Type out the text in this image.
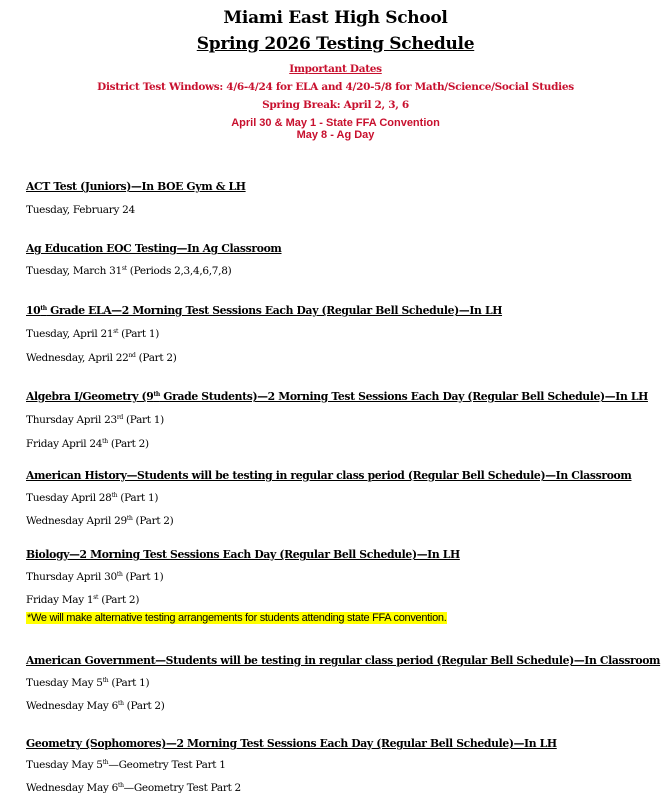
Miami East High School
Spring 2026 Testing Schedule
Important Dates
District Test Windows: 4/6-4/24 for ELA and 4/20-5/8 for Math/Science/Social Studies
Spring Break: April 2, 3, 6
April 30 & May 1 - State FFA Convention
May 8 - Ag Day
ACT Test (Juniors)—In BOE Gym & LH
Tuesday, February 24
Ag Education EOC Testing—In Ag Classroom
Tuesday, March 31st (Periods 2,3,4,6,7,8)
10th Grade ELA—2 Morning Test Sessions Each Day (Regular Bell Schedule)—In LH
Tuesday, April 21st (Part 1)
Wednesday, April 22nd (Part 2)
Algebra I/Geometry (9th Grade Students)—2 Morning Test Sessions Each Day (Regular Bell Schedule)—In LH
Thursday April 23rd (Part 1)
Friday April 24th (Part 2)
American History—Students will be testing in regular class period (Regular Bell Schedule)—In Classroom
Tuesday April 28th (Part 1)
Wednesday April 29th (Part 2)
Biology—2 Morning Test Sessions Each Day (Regular Bell Schedule)—In LH
Thursday April 30th (Part 1)
Friday May 1st (Part 2)
*We will make alternative testing arrangements for students attending state FFA convention.
American Government—Students will be testing in regular class period (Regular Bell Schedule)—In Classroom
Tuesday May 5th (Part 1)
Wednesday May 6th (Part 2)
Geometry (Sophomores)—2 Morning Test Sessions Each Day (Regular Bell Schedule)—In LH
Tuesday May 5th—Geometry Test Part 1
Wednesday May 6th—Geometry Test Part 2
